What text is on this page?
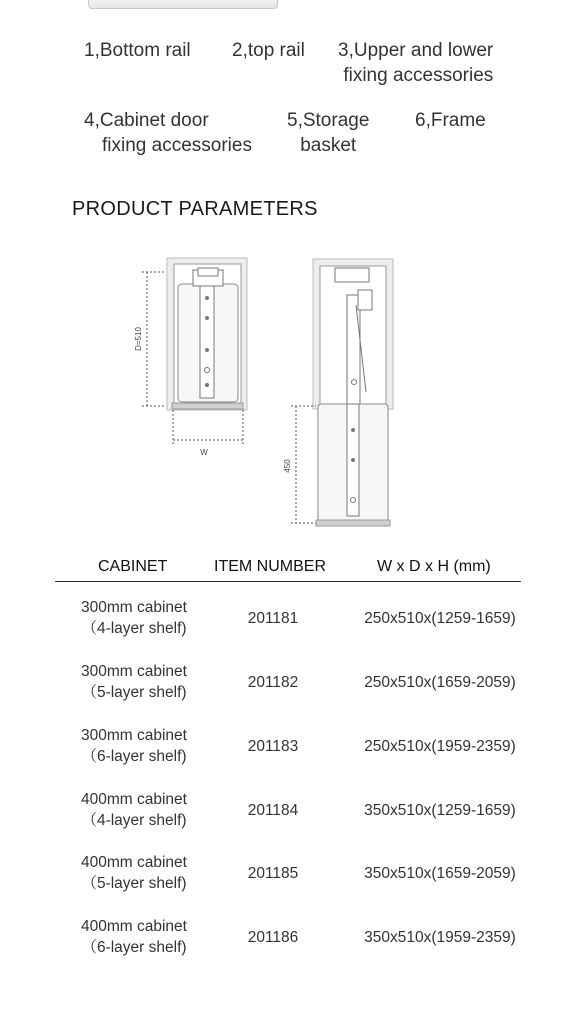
1,Bottom rail 2,top rail 3,Upper and lower
fixing accessories
4,Cabinet door
fixing accessories
5,Storage
basket
6,Frame
PRODUCT PARAMETERS
D=510
W
450
CABINET	ITEM NUMBER	W x D x H (mm)
300mm cabinet
（4-layer shelf)
201181	250x510x(1259-1659)
300mm cabinet
（5-layer shelf)
201182	250x510x(1659-2059)
300mm cabinet
（6-layer shelf)
201183	250x510x(1959-2359)
400mm cabinet
（4-layer shelf)
201184	350x510x(1259-1659)
400mm cabinet
（5-layer shelf)
201185	350x510x(1659-2059)
400mm cabinet
（6-layer shelf)
201186	350x510x(1959-2359)
